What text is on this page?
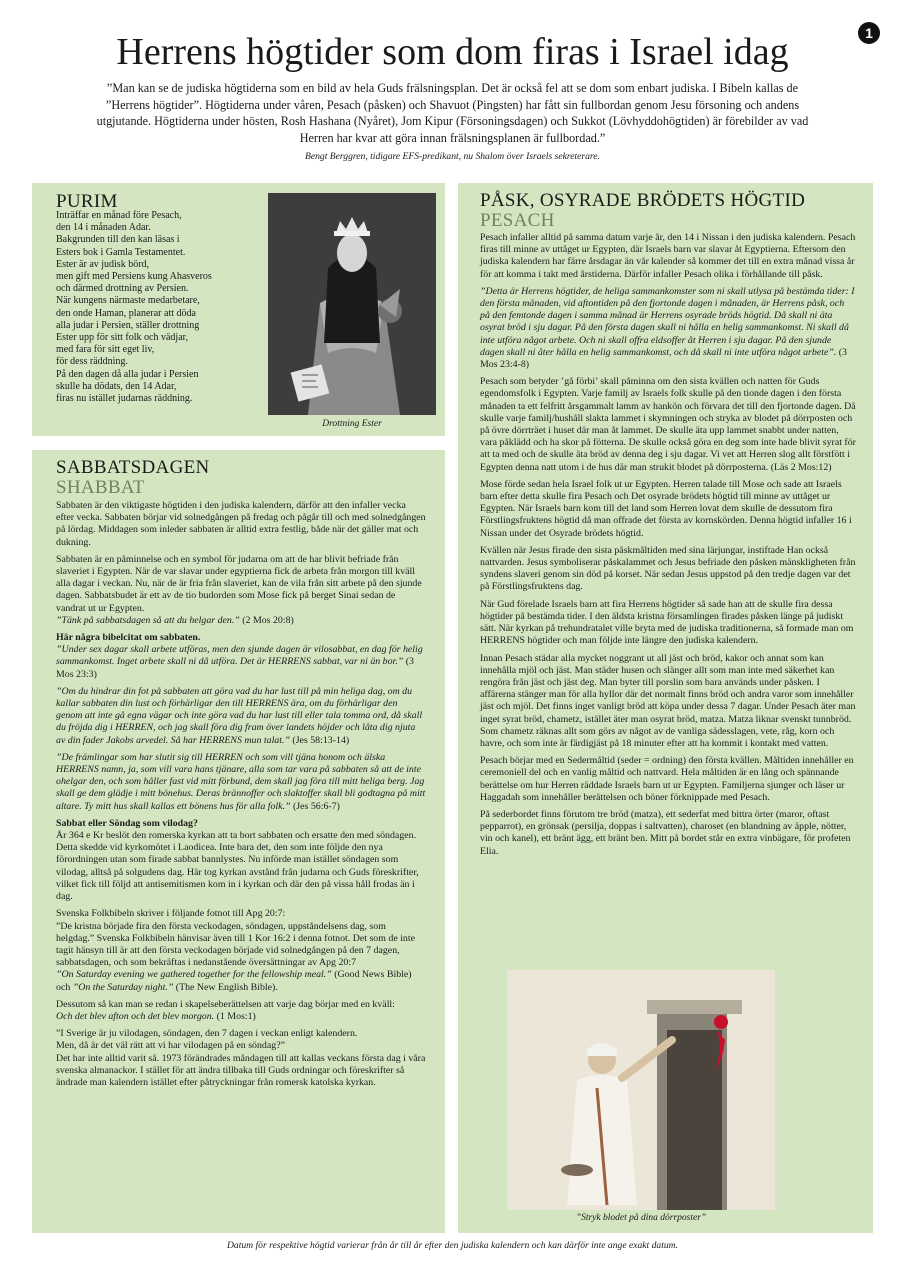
1
Herrens högtider som dom firas i Israel idag

”Man kan se de judiska högtiderna som en bild av hela Guds frälsningsplan. Det är också fel att se dom som enbart judiska. I Bibeln kallas de ”Herrens högtider”. Högtiderna under våren, Pesach (påsken) och Shavuot (Pingsten) har fått sin fullbordan genom Jesu försoning och andens utgjutande. Högtiderna under hösten, Rosh Hashana (Nyåret), Jom Kipur (Försoningsdagen) och Sukkot (Lövhyddohögtiden) är förebilder av vad Herren har kvar att göra innan frälsningsplanen är fullbordad.”

Bengt Berggren, tidigare EFS-predikant, nu Shalom över Israels sekreterare.

PURIM

Inträffar en månad före Pesach,

den 14 i månaden Adar.

Bakgrunden till den kan läsas i

Esters bok i Gamla Testamentet.

Ester är av judisk börd,

men gift med Persiens kung Ahasveros

och därmed drottning av Persien.

När kungens närmaste medarbetare,

den onde Haman, planerar att döda

alla judar i Persien, ställer drottning

Ester upp för sitt folk och vädjar,

med fara för sitt eget liv,

för dess räddning.

På den dagen då alla judar i Persien

skulle ha dödats, den 14 Adar,

firas nu istället judarnas räddning.

Drottning Ester

SABBATSDAGEN
SHABBAT

Sabbaten är den viktigaste högtiden i den judiska kalendern, därför att den infaller vecka efter vecka. Sabbaten börjar vid solnedgången på fredag och pågår till och med solnedgången på lördag. Middagen som inleder sabbaten är alltid extra festlig, både när det gäller mat och dukning.

Sabbaten är en påminnelse och en symbol för judarna om att de har blivit befriade från slaveriet i Egypten. När de var slavar under egyptierna fick de arbeta från morgon till kväll alla dagar i veckan. Nu, när de är fria från slaveriet, kan de vila från sitt arbete på den sjunde dagen. Sabbatsbudet är ett av de tio budorden som Mose fick på berget Sinai sedan de vandrat ut ur Egypten.
”Tänk på sabbatsdagen så att du helgar den.” (2 Mos 20:8)

Här några bibelcitat om sabbaten.

”Under sex dagar skall arbete utföras, men den sjunde dagen är vilosabbat, en dag för helig sammankomst. Inget arbete skall ni då utföra. Det är HERRENS sabbat, var ni än bor.” (3 Mos 23:3)

”Om du hindrar din fot på sabbaten att göra vad du har lust till på min heliga dag, om du kallar sabbaten din lust och förhärligar den till HERRENS ära, om du förhärligar den genom att inte gå egna vägar och inte göra vad du har lust till eller tala tomma ord, då skall du fröjda dig i HERREN, och jag skall föra dig fram över landets höjder och låta dig njuta av din fader Jakobs arvedel. Så har HERRENS mun talat.” (Jes 58:13-14)

”De främlingar som har slutit sig till HERREN och som vill tjäna honom och älska HERRENS namn, ja, som vill vara hans tjänare, alla som tar vara på sabbaten så att de inte ohelgar den, och som håller fast vid mitt förbund, dem skall jag föra till mitt heliga berg. Jag skall ge dem glädje i mitt bönehus. Deras brännoffer och slaktoffer skall bli godtagna på mitt altare. Ty mitt hus skall kallas ett bönens hus för alla folk.” (Jes 56:6-7)

Sabbat eller Söndag som vilodag?

År 364 e Kr beslöt den romerska kyrkan att ta bort sabbaten och ersatte den med söndagen. Detta skedde vid kyrkomötet i Laodicea. Inte bara det, den som inte följde den nya förordningen utan som firade sabbat bannlystes. Nu införde man istället söndagen som vilodag, alltså på solgudens dag. Här tog kyrkan avstånd från judarna och Guds föreskrifter, vilket fick till följd att antisemitismen kom in i kyrkan och där den på vissa håll frodas än i dag.

Svenska Folkbibeln skriver i följande fotnot till Apg 20:7:
”De kristna började fira den första veckodagen, söndagen, uppståndelsens dag, som helgdag.” Svenska Folkbibeln hänvisar även till 1 Kor 16:2 i denna fotnot. Det som de inte tagit hänsyn till är att den första veckodagen började vid solnedgången på den 7 dagen, sabbatsdagen, och som bekräftas i nedanstående översättningar av Apg 20:7
”On Saturday evening we gathered together for the fellowship meal.” (Good News Bible) och ”On the Saturday night.” (The New English Bible).

Dessutom så kan man se redan i skapelseberättelsen att varje dag börjar med en kväll:
Och det blev afton och det blev morgon. (1 Mos:1)

”I Sverige är ju vilodagen, söndagen, den 7 dagen i veckan enligt kalendern.
Men, då är det väl rätt att vi har vilodagen på en söndag?”
Det har inte alltid varit så. 1973 förändrades måndagen till att kallas veckans första dag i våra svenska almanackor. I stället för att ändra tillbaka till Guds ordningar och föreskrifter så ändrade man kalendern istället efter påtryckningar från romersk katolska kyrkan.

PÅSK, OSYRADE BRÖDETS HÖGTID
PESACH

Pesach infaller alltid på samma datum varje år, den 14 i Nissan i den judiska kalendern. Pesach firas till minne av uttåget ur Egypten, där Israels barn var slavar åt Egyptierna. Eftersom den judiska kalendern har färre årsdagar än vår kalender så kommer det till en extra månad vissa år för att komma i takt med årstiderna. Därför infaller Pesach olika i förhållande till påsk.

”Detta är Herrens högtider, de heliga sammankomster som ni skall utlysa på bestämda tider: I den första månaden, vid aftontiden på den fjortonde dagen i månaden, är Herrens påsk, och på den femtonde dagen i samma månad är Herrens osyrade bröds högtid. Då skall ni äta osyrat bröd i sju dagar. På den första dagen skall ni hålla en helig sammankomst. Ni skall då inte utföra något arbete. Och ni skall offra eldsoffer åt Herren i sju dagar. På den sjunde dagen skall ni åter hålla en helig sammankomst, och då skall ni inte utföra något arbete”. (3 Mos 23:4-8)

Pesach som betyder ’gå förbi’ skall påminna om den sista kvällen och natten för Guds egendomsfolk i Egypten. Varje familj av Israels folk skulle på den tionde dagen i den första månaden ta ett felfritt årsgammalt lamm av hankön och förvara det till den fjortonde dagen. Då skulle varje familj/hushåll slakta lammet i skymningen och stryka av blodet på dörrposten och på övre dörrträet i huset där man åt lammet. De skulle äta upp lammet snabbt under natten, vara påklädd och ha skor på fötterna. De skulle också göra en deg som inte hade blivit syrat för att ta med och de skulle äta bröd av denna deg i sju dagar. Vi vet att Herren slog allt förstfött i Egypten denna natt utom i de hus där man strukit blodet på dörrposterna. (Läs 2 Mos:12)

Mose förde sedan hela Israel folk ut ur Egypten. Herren talade till Mose och sade att Israels barn efter detta skulle fira Pesach och Det osyrade brödets högtid till minne av uttåget ur Egypten. När Israels barn kom till det land som Herren lovat dem skulle de dessutom fira Förstlingsfruktens högtid då man offrade det första av kornskörden. Denna högtid infaller 16 i Nissan under det Osyrade brödets högtid.

Kvällen när Jesus firade den sista påskmåltiden med sina lärjungar, instiftade Han också nattvarden. Jesus symboliserar påskalammet och Jesus befriade den påsken mänskligheten från syndens slaveri genom sin död på korset. När sedan Jesus uppstod på den tredje dagen var det på Förstlingsfruktens dag.

När Gud förelade Israels barn att fira Herrens högtider så sade han att de skulle fira dessa högtider på bestämda tider. I den äldsta kristna församlingen firades påsken länge på judiskt sätt. När kyrkan på trehundratalet ville bryta med de judiska traditionerna, så formade man om HERRENS högtider och man följde inte längre den judiska kalendern.

Innan Pesach städar alla mycket noggrant ut all jäst och bröd, kakor och annat som kan innehålla mjöl och jäst. Man städer husen och slänger allt som man inte med säkerhet kan rengöra från jäst och jäst deg. Man byter till porslin som bara används under påsken. I affärerna stänger man för alla hyllor där det normalt finns bröd och andra varor som innehåller jäst och mjöl. Det finns inget vanligt bröd att köpa under dessa 7 dagar. Under Pesach äter man inget syrat bröd, chametz, istället äter man osyrat bröd, matza. Matza liknar svenskt tunnbröd. Som chametz räknas allt som görs av något av de vanliga sädesslagen, vete, råg, korn och havre, och som inte är färdigjäst på 18 minuter efter att ha kommit i kontakt med vatten.

Pesach börjar med en Sedermåltid (seder = ordning) den första kvällen. Måltiden innehåller en ceremoniell del och en vanlig måltid och nattvard. Hela måltiden är en lång och spännande berättelse om hur Herren räddade Israels barn ut ur Egypten. Familjerna sjunger och läser ur Haggadah som innehåller berättelsen och böner förknippade med Pesach.

På sederbordet finns förutom tre bröd (matza), ett sederfat med bittra örter (maror, oftast pepparrot), en grönsak (persilja, doppas i saltvatten), charoset (en blandning av äpple, nötter, vin och kanel), ett bränt ägg, ett bränt ben. Mitt på bordet står en extra vinbägare, för profeten Elia.

”Stryk blodet på dina dörrposter”

Datum för respektive högtid varierar från år till år efter den judiska kalendern och kan därför inte ange exakt datum.
